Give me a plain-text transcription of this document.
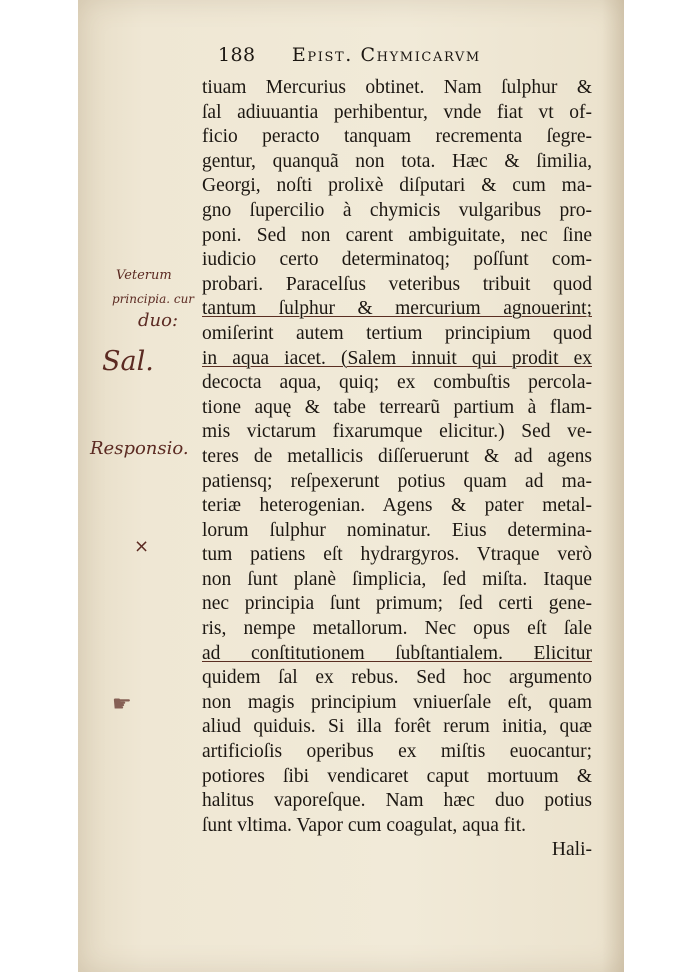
188 Epist. Chymicarvm
tiuam Mercurius obtinet. Nam ſulphur &
ſal adiuuantia perhibentur, vnde fiat vt of-
ficio peracto tanquam recrementa ſegre-
gentur, quanquã non tota. Hæc & ſimilia,
Georgi, noſti prolixè diſputari & cum ma-
gno ſupercilio à chymicis vulgaribus pro-
poni. Sed non carent ambiguitate, nec ſine
iudicio certo determinatoq; poſſunt com-
probari. Paracelſus veteribus tribuit quod
tantum ſulphur & mercurium agnouerint;
omiſerint autem tertium principium quod
in aqua iacet. (Salem innuit qui prodit ex
decocta aqua, quiq; ex combuſtis percola-
tione aquę & tabe terrearũ partium à flam-
mis victarum fixarumque elicitur.) Sed ve-
teres de metallicis diſſeruerunt & ad agens
patiensq; reſpexerunt potius quam ad ma-
teriæ heterogenian. Agens & pater metal-
lorum ſulphur nominatur. Eius determina-
tum patiens eſt hydrargyros. Vtraque verò
non ſunt planè ſimplicia, ſed miſta. Itaque
nec principia ſunt primum; ſed certi gene-
ris, nempe metallorum. Nec opus eſt ſale
ad conſtitutionem ſubſtantialem. Elicitur
quidem ſal ex rebus. Sed hoc argumento
non magis principium vniuerſale eſt, quam
aliud quiduis. Si illa forêt rerum initia, quæ
artificioſis operibus ex miſtis euocantur;
potiores ſibi vendicaret caput mortuum &
halitus vaporeſque. Nam hæc duo potius
ſunt vltima. Vapor cum coagulat, aqua fit.
Hali-
Veterum
principia. cur
duo:
Sal.
Responsio.
⨯
☛
